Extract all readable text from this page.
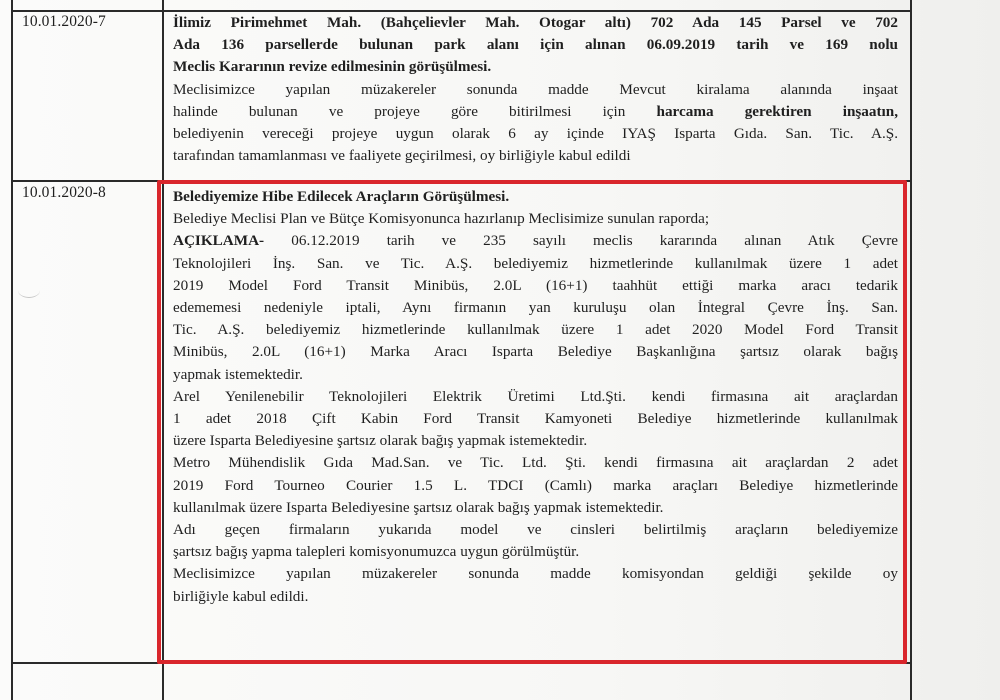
10.01.2020-7	İlimiz Pirimehmet Mah. (Bahçelievler Mah. Otogar altı) 702 Ada 145 Parsel ve 702

Ada 136 parsellerde bulunan park alanı için alınan 06.09.2019 tarih ve 169 nolu

Meclis Kararının revize edilmesinin görüşülmesi.

Meclisimizce yapılan müzakereler sonunda madde Mevcut kiralama alanında inşaat

halinde bulunan ve projeye göre bitirilmesi için harcama gerektiren inşaatın,

belediyenin vereceği projeye uygun olarak 6 ay içinde IYAŞ Isparta Gıda. San. Tic. A.Ş.

tarafından tamamlanması ve faaliyete geçirilmesi, oy birliğiyle kabul edildi

10.01.2020-8	Belediyemize Hibe Edilecek Araçların Görüşülmesi.

Belediye Meclisi Plan ve Bütçe Komisyonunca hazırlanıp Meclisimize sunulan raporda;

AÇIKLAMA- 06.12.2019 tarih ve 235 sayılı meclis kararında alınan Atık Çevre

Teknolojileri İnş. San. ve Tic. A.Ş. belediyemiz hizmetlerinde kullanılmak üzere 1 adet

2019 Model Ford Transit Minibüs, 2.0L (16+1) taahhüt ettiği marka aracı tedarik

edememesi nedeniyle iptali, Aynı firmanın yan kuruluşu olan İntegral Çevre İnş. San.

Tic. A.Ş. belediyemiz hizmetlerinde kullanılmak üzere 1 adet 2020 Model Ford Transit

Minibüs, 2.0L (16+1) Marka Aracı Isparta Belediye Başkanlığına şartsız olarak bağış

yapmak istemektedir.

Arel Yenilenebilir Teknolojileri Elektrik Üretimi Ltd.Şti. kendi firmasına ait araçlardan

1 adet 2018 Çift Kabin Ford Transit Kamyoneti Belediye hizmetlerinde kullanılmak

üzere Isparta Belediyesine şartsız olarak bağış yapmak istemektedir.

Metro Mühendislik Gıda Mad.San. ve Tic. Ltd. Şti. kendi firmasına ait araçlardan 2 adet

2019 Ford Tourneo Courier 1.5 L. TDCI (Camlı) marka araçları Belediye hizmetlerinde

kullanılmak üzere Isparta Belediyesine şartsız olarak bağış yapmak istemektedir.

Adı geçen firmaların yukarıda model ve cinsleri belirtilmiş araçların belediyemize

şartsız bağış yapma talepleri komisyonumuzca uygun görülmüştür.

Meclisimizce yapılan müzakereler sonunda madde komisyondan geldiği şekilde oy

birliğiyle kabul edildi.
